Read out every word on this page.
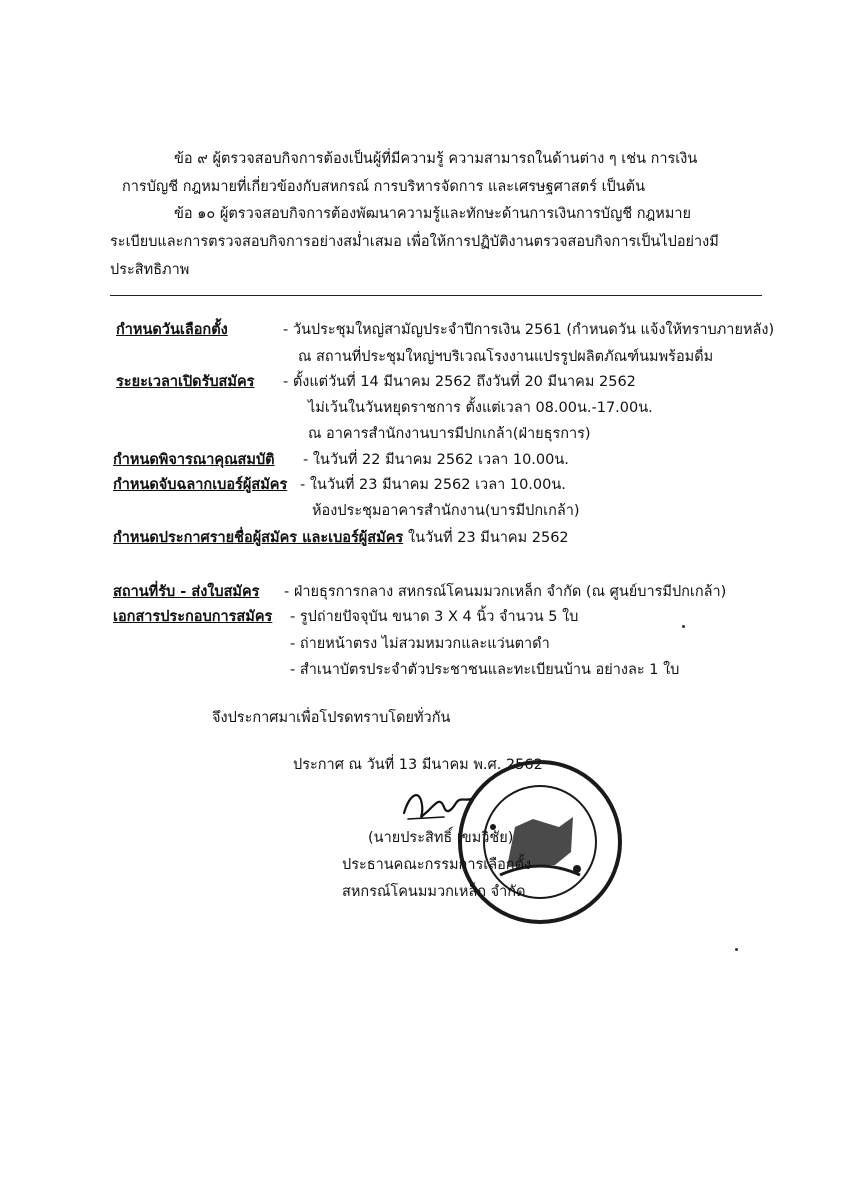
ข้อ ๙ ผู้ตรวจสอบกิจการต้องเป็นผู้ที่มีความรู้ ความสามารถในด้านต่าง ๆ เช่น การเงิน
การบัญชี กฎหมายที่เกี่ยวข้องกับสหกรณ์ การบริหารจัดการ และเศรษฐศาสตร์ เป็นต้น
ข้อ ๑๐ ผู้ตรวจสอบกิจการต้องพัฒนาความรู้และทักษะด้านการเงินการบัญชี กฎหมาย
ระเบียบและการตรวจสอบกิจการอย่างสม่ำเสมอ เพื่อให้การปฏิบัติงานตรวจสอบกิจการเป็นไปอย่างมี
ประสิทธิภาพ
กำหนดวันเลือกตั้ง	- วันประชุมใหญ่สามัญประจำปีการเงิน 2561 (กำหนดวัน แจ้งให้ทราบภายหลัง)
ณ สถานที่ประชุมใหญ่ฯบริเวณโรงงานแปรรูปผลิตภัณฑ์นมพร้อมดื่ม
ระยะเวลาเปิดรับสมัคร - ตั้งแต่วันที่ 14 มีนาคม 2562 ถึงวันที่ 20 มีนาคม 2562
ไม่เว้นในวันหยุดราชการ ตั้งแต่เวลา 08.00น.-17.00น.
ณ อาคารสำนักงานบารมีปกเกล้า(ฝ่ายธุรการ)
กำหนดพิจารณาคุณสมบัติ - ในวันที่ 22 มีนาคม 2562 เวลา 10.00น.
กำหนดจับฉลากเบอร์ผู้สมัคร - ในวันที่ 23 มีนาคม 2562 เวลา 10.00น.
ห้องประชุมอาคารสำนักงาน(บารมีปกเกล้า)
กำหนดประกาศรายชื่อผู้สมัคร และเบอร์ผู้สมัคร ในวันที่ 23 มีนาคม 2562
สถานที่รับ - ส่งใบสมัคร - ฝ่ายธุรการกลาง สหกรณ์โคนมมวกเหล็ก จำกัด (ณ ศูนย์บารมีปกเกล้า)
เอกสารประกอบการสมัคร - รูปถ่ายปัจจุบัน ขนาด 3 X 4 นิ้ว จำนวน 5 ใบ
- ถ่ายหน้าตรง ไม่สวมหมวกและแว่นตาดำ
- สำเนาบัตรประจำตัวประชาชนและทะเบียนบ้าน อย่างละ 1 ใบ
จึงประกาศมาเพื่อโปรดทราบโดยทั่วกัน
ประกาศ ณ วันที่ 13 มีนาคม พ.ศ. 2562
(นายประสิทธิ์ เขมวิชัย)
ประธานคณะกรรมการเลือกตั้ง
สหกรณ์โคนมมวกเหล็ก จำกัด
